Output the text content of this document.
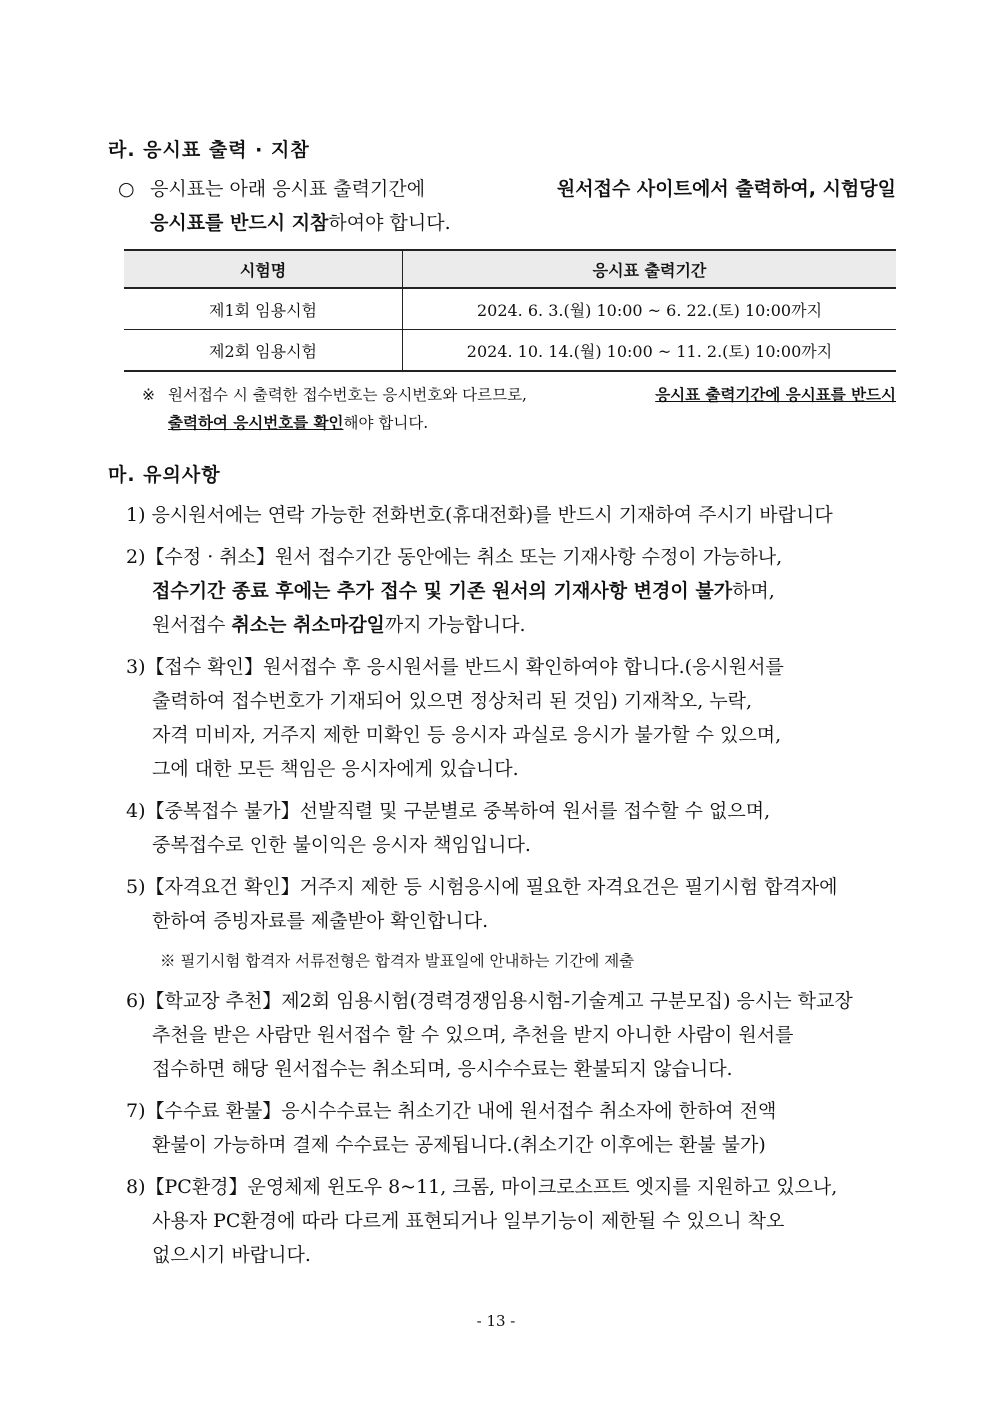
라. 응시표 출력 · 지참
○ 응시표는 아래 응시표 출력기간에	원서접수 사이트에서 출력하여, 시험당일
응시표를 반드시 지참하여야 합니다.
시험명	응시표 출력기간
제1회 임용시험	2024. 6. 3.(월) 10:00 ~ 6. 22.(토) 10:00까지
제2회 임용시험	2024. 10. 14.(월) 10:00 ~ 11. 2.(토) 10:00까지
※ 원서접수 시 출력한 접수번호는 응시번호와 다르므로,	응시표 출력기간에 응시표를 반드시
출력하여 응시번호를 확인해야 합니다.
마. 유의사항
1) 응시원서에는 연락 가능한 전화번호(휴대전화)를 반드시 기재하여 주시기 바랍니다
2)【수정 · 취소】원서 접수기간 동안에는 취소 또는 기재사항 수정이 가능하나,
접수기간 종료 후에는 추가 접수 및 기존 원서의 기재사항 변경이 불가하며,
원서접수 취소는 취소마감일까지 가능합니다.
3)【접수 확인】원서접수 후 응시원서를 반드시 확인하여야 합니다.(응시원서를
출력하여 접수번호가 기재되어 있으면 정상처리 된 것임) 기재착오, 누락,
자격 미비자, 거주지 제한 미확인 등 응시자 과실로 응시가 불가할 수 있으며,
그에 대한 모든 책임은 응시자에게 있습니다.
4)【중복접수 불가】선발직렬 및 구분별로 중복하여 원서를 접수할 수 없으며,
중복접수로 인한 불이익은 응시자 책임입니다.
5)【자격요건 확인】거주지 제한 등 시험응시에 필요한 자격요건은 필기시험 합격자에
한하여 증빙자료를 제출받아 확인합니다.
※ 필기시험 합격자 서류전형은 합격자 발표일에 안내하는 기간에 제출
6)【학교장 추천】제2회 임용시험(경력경쟁임용시험-기술계고 구분모집) 응시는 학교장
추천을 받은 사람만 원서접수 할 수 있으며, 추천을 받지 아니한 사람이 원서를
접수하면 해당 원서접수는 취소되며, 응시수수료는 환불되지 않습니다.
7)【수수료 환불】응시수수료는 취소기간 내에 원서접수 취소자에 한하여 전액
환불이 가능하며 결제 수수료는 공제됩니다.(취소기간 이후에는 환불 불가)
8)【PC환경】운영체제 윈도우 8~11, 크롬, 마이크로소프트 엣지를 지원하고 있으나,
사용자 PC환경에 따라 다르게 표현되거나 일부기능이 제한될 수 있으니 착오
없으시기 바랍니다.
- 13 -
